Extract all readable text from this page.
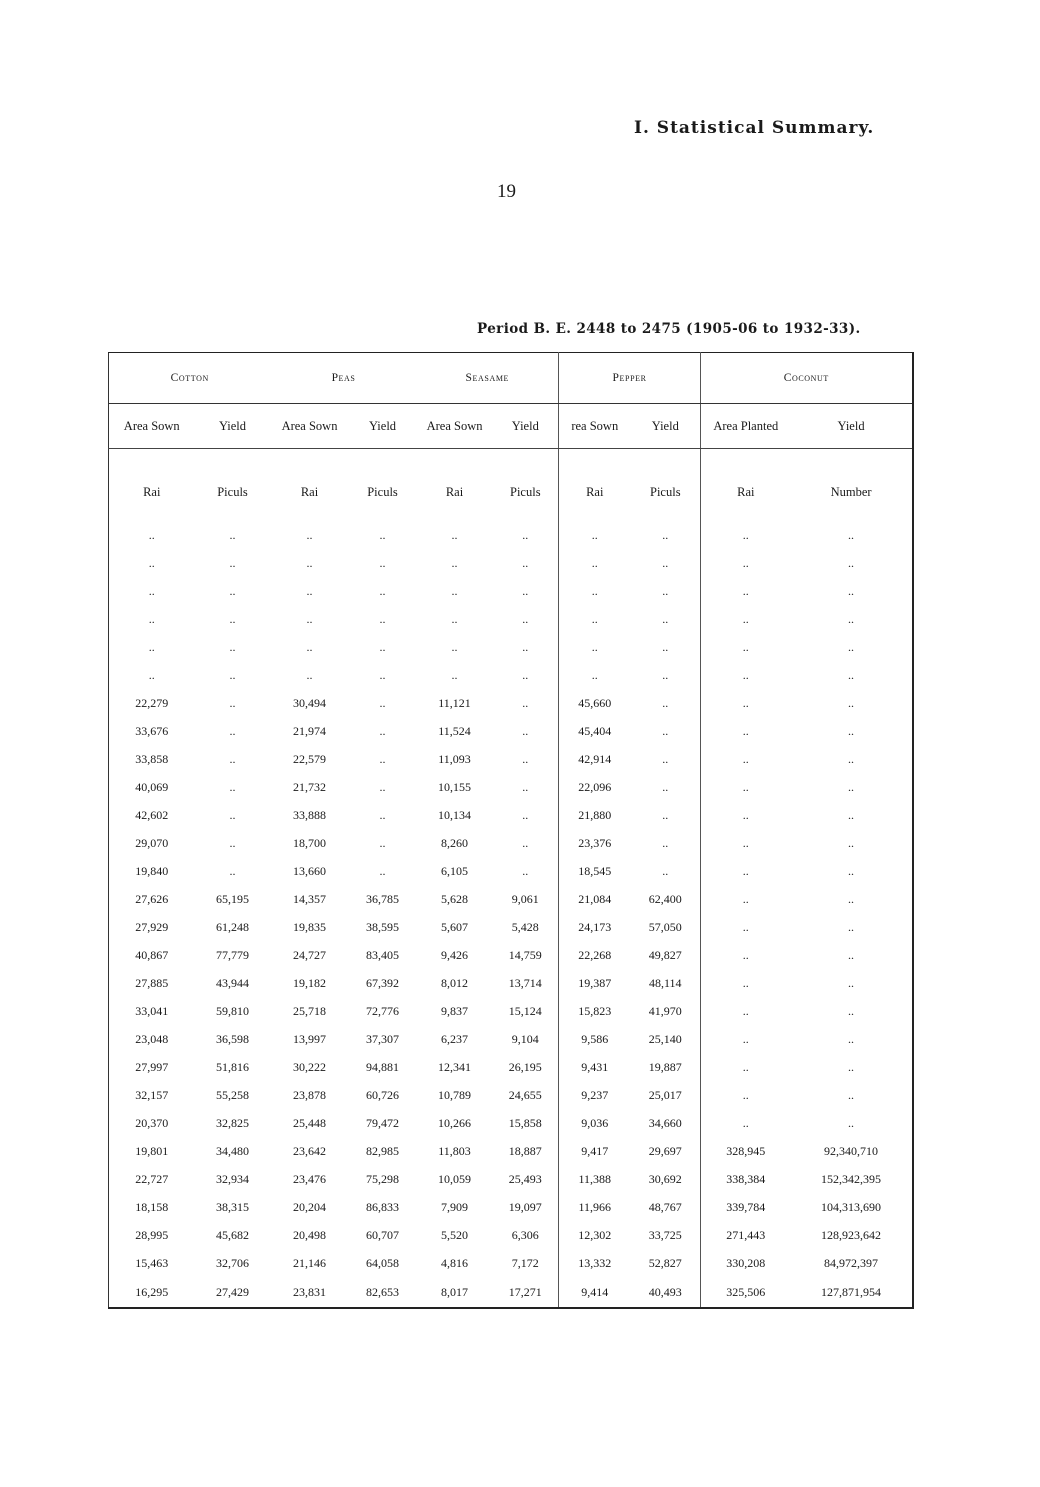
I. Statistical Summary.
19
Period B. E. 2448 to 2475 (1905-06 to 1932-33).
Cotton		Peas		Seasame		Pepper		Coconut	
Area Sown	Yield	Area Sown	Yield	Area Sown	Yield	rea Sown	Yield	Area Planted	Yield
Rai	Piculs	Rai	Piculs	Rai	Piculs	Rai	Piculs	Rai	Number
..	..	..	..	..	..	..	..	..	..
..	..	..	..	..	..	..	..	..	..
..	..	..	..	..	..	..	..	..	..
..	..	..	..	..	..	..	..	..	..
..	..	..	..	..	..	..	..	..	..
..	..	..	..	..	..	..	..	..	..
22,279	..	30,494	..	11,121	..	45,660	..	..	..
33,676	..	21,974	..	11,524	..	45,404	..	..	..
33,858	..	22,579	..	11,093	..	42,914	..	..	..
40,069	..	21,732	..	10,155	..	22,096	..	..	..
42,602	..	33,888	..	10,134	..	21,880	..	..	..
29,070	..	18,700	..	8,260	..	23,376	..	..	..
19,840	..	13,660	..	6,105	..	18,545	..	..	..
27,626	65,195	14,357	36,785	5,628	9,061	21,084	62,400	..	..
27,929	61,248	19,835	38,595	5,607	5,428	24,173	57,050	..	..
40,867	77,779	24,727	83,405	9,426	14,759	22,268	49,827	..	..
27,885	43,944	19,182	67,392	8,012	13,714	19,387	48,114	..	..
33,041	59,810	25,718	72,776	9,837	15,124	15,823	41,970	..	..
23,048	36,598	13,997	37,307	6,237	9,104	9,586	25,140	..	..
27,997	51,816	30,222	94,881	12,341	26,195	9,431	19,887	..	..
32,157	55,258	23,878	60,726	10,789	24,655	9,237	25,017	..	..
20,370	32,825	25,448	79,472	10,266	15,858	9,036	34,660	..	..
19,801	34,480	23,642	82,985	11,803	18,887	9,417	29,697	328,945	92,340,710
22,727	32,934	23,476	75,298	10,059	25,493	11,388	30,692	338,384	152,342,395
18,158	38,315	20,204	86,833	7,909	19,097	11,966	48,767	339,784	104,313,690
28,995	45,682	20,498	60,707	5,520	6,306	12,302	33,725	271,443	128,923,642
15,463	32,706	21,146	64,058	4,816	7,172	13,332	52,827	330,208	84,972,397
16,295	27,429	23,831	82,653	8,017	17,271	9,414	40,493	325,506	127,871,954
